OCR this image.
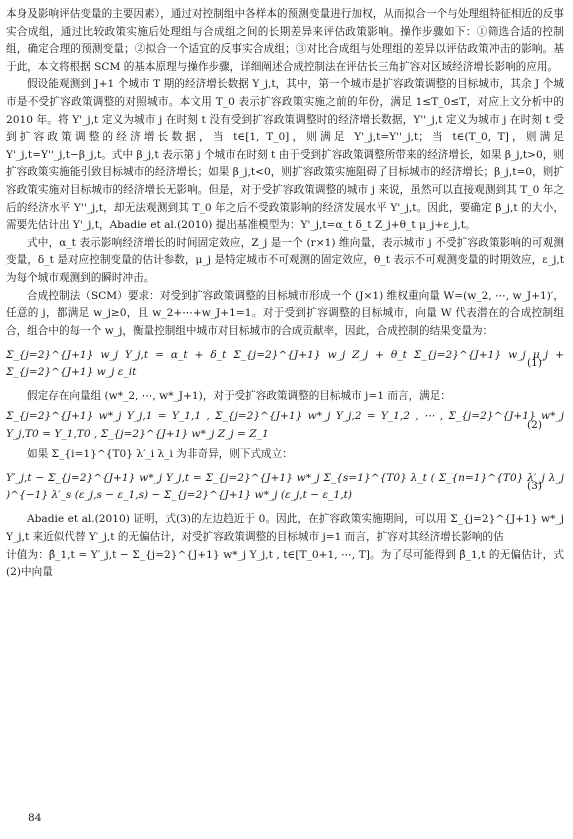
本身及影响评估变量的主要因素），通过对控制组中各样本的预测变量进行加权，从而拟合一个与处理组特征相近的反事实合成组，通过比较政策实施后处理组与合成组之间的长期差异来评估政策影响。操作步骤如下：①筛选合适的控制组，确定合理的预测变量；②拟合一个适宜的反事实合成组；③对比合成组与处理组的差异以评估政策冲击的影响。基于此，本文将根据 SCM 的基本原理与操作步骤，详细阐述合成控制法在评估长三角扩容对区域经济增长影响的应用。

假设能观测到 J+1 个城市 T 期的经济增长数据 Y_j,t，其中，第一个城市是扩容政策调整的目标城市，其余 J 个城市是不受扩容政策调整的对照城市。本文用 T_0 表示扩容政策实施之前的年份，满足 1≤T_0≤T，对应上文分析中的 2010 年。将 Y'_j,t 定义为城市 j 在时刻 t 没有受到扩容政策调整时的经济增长数据，Y''_j,t 定义为城市 j 在时刻 t 受到扩容政策调整的经济增长数据，当 t∈[1, T_0]，则满足 Y'_j,t=Y''_j,t；当 t∈(T_0, T]，则满足 Y'_j,t=Y''_j,t−β_j,t。式中 β_j,t 表示第 j 个城市在时刻 t 由于受到扩容政策调整所带来的经济增长，如果 β_j,t>0，则扩容政策实施能引致目标城市的经济增长；如果 β_j,t<0，则扩容政策实施阻碍了目标城市的经济增长；β_j,t=0，则扩容政策实施对目标城市的经济增长无影响。但是，对于受扩容政策调整的城市 j 来说，虽然可以直接观测到其 T_0 年之后的经济水平 Y''_j,t，却无法观测到其 T_0 年之后不受政策影响的经济发展水平 Y'_j,t。因此，要确定 β_j,t 的大小，需要先估计出 Y'_j,t，Abadie et al.(2010) 提出基准模型为：Y'_j,t=α_t δ_t Z_j+θ_t μ_j+ε_j,t。

式中，α_t 表示影响经济增长的时间固定效应，Z_j 是一个 (r×1) 维向量，表示城市 j 不受扩容政策影响的可观测变量，δ_t 是对应控制变量的估计参数，μ_j 是特定城市不可观测的固定效应，θ_t 表示不可观测变量的时期效应，ε_j,t 为每个城市观测到的瞬时冲击。

合成控制法（SCM）要求：对受到扩容政策调整的目标城市形成一个 (J×1) 维权重向量 W=(w_2, ⋯, w_J+1)′，任意的 j，都满足 w_j≥0，且 w_2+⋯+w_J+1=1。对于受到扩容调整的目标城市，向量 W 代表潜在的合成控制组合，组合中的每一个 w_j，衡量控制组中城市对目标城市的合成贡献率，因此，合成控制的结果变量为：

Σ_{j=2}^{J+1} w_j Y_j,t = α_t + δ_t Σ_{j=2}^{J+1} w_j Z_j + θ_t Σ_{j=2}^{J+1} w_j μ_j + Σ_{j=2}^{J+1} w_j ε_it
(1)

假定存在向量组 (w*_2, ⋯, w*_J+1)，对于受扩容政策调整的目标城市 j=1 而言，满足：

Σ_{j=2}^{J+1} w*_j Y_j,1 = Y_1,1 , Σ_{j=2}^{J+1} w*_j Y_j,2 = Y_1,2 , ⋯ , Σ_{j=2}^{J+1} w*_j Y_j,T0 = Y_1,T0 , Σ_{j=2}^{J+1} w*_j Z_j = Z_1
(2)

如果 Σ_{i=1}^{T0} λ′_i λ_i 为非奇异，则下式成立：

Y′_j,t − Σ_{j=2}^{J+1} w*_j Y_j,t = Σ_{j=2}^{J+1} w*_j Σ_{s=1}^{T0} λ_t ( Σ_{n=1}^{T0} λ′_j λ_j )^{−1} λ′_s (ε_j,s − ε_1,s) − Σ_{j=2}^{J+1} w*_j (ε_j,t − ε_1,t)
(3)

Abadie et al.(2010) 证明，式(3)的左边趋近于 0。因此，在扩容政策实施期间，可以用 Σ_{j=2}^{J+1} w*_j Y_j,t 来近似代替 Y′_j,t 的无偏估计，对受扩容政策调整的目标城市 j=1 而言，扩容对其经济增长影响的估

计值为：β̂_1,t = Y′_j,t − Σ_{j=2}^{J+1} w*_j Y_j,t , t∈[T_0+1, ⋯, T]。为了尽可能得到 β̂_1,t 的无偏估计，式(2)中向量

84
